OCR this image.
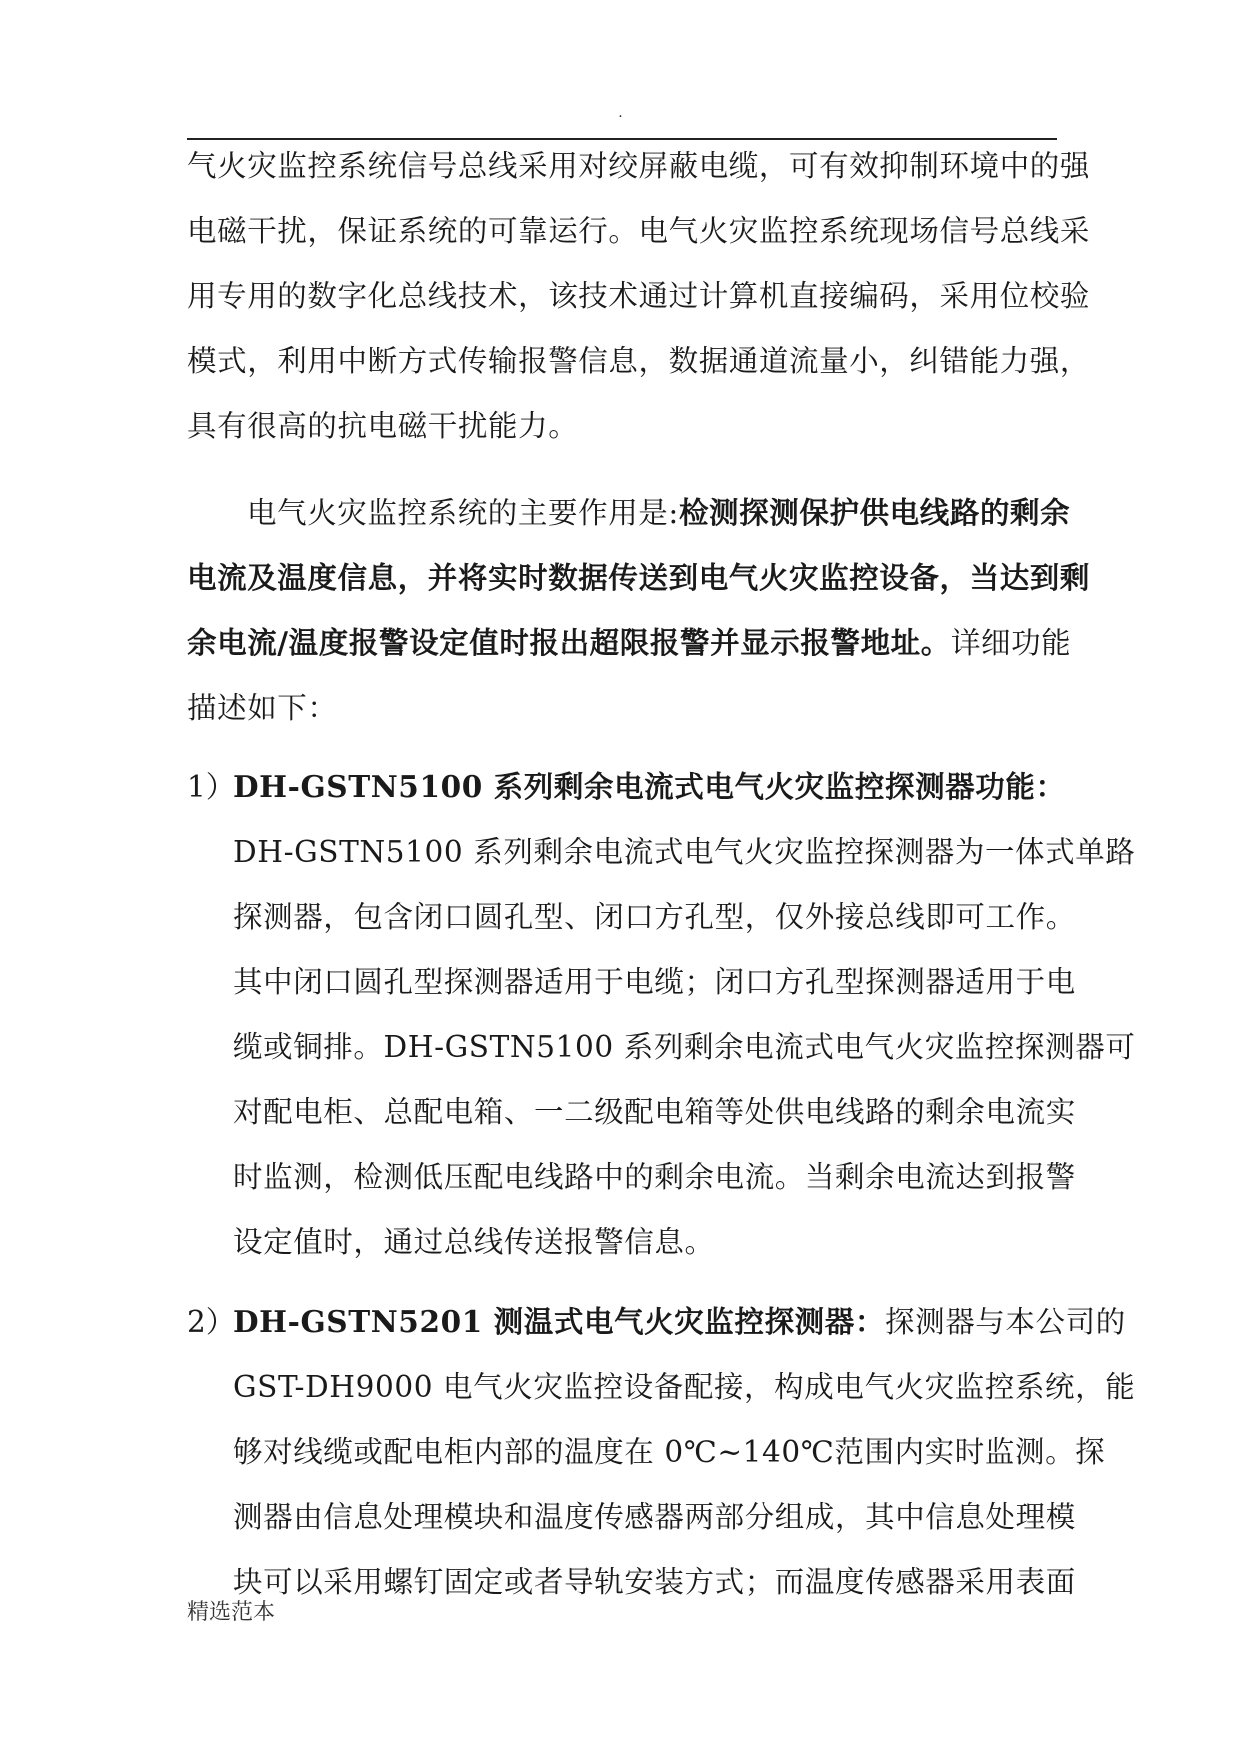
.
气火灾监控系统信号总线采用对绞屏蔽电缆，可有效抑制环境中的强
电磁干扰，保证系统的可靠运行。电气火灾监控系统现场信号总线采
用专用的数字化总线技术，该技术通过计算机直接编码，采用位校验
模式，利用中断方式传输报警信息，数据通道流量小，纠错能力强，
具有很高的抗电磁干扰能力。
电气火灾监控系统的主要作用是:检测探测保护供电线路的剩余
电流及温度信息，并将实时数据传送到电气火灾监控设备，当达到剩
余电流/温度报警设定值时报出超限报警并显示报警地址。详细功能
描述如下：
1）
DH-GSTN5100 系列剩余电流式电气火灾监控探测器功能：
DH-GSTN5100 系列剩余电流式电气火灾监控探测器为一体式单路
探测器，包含闭口圆孔型、闭口方孔型，仅外接总线即可工作。
其中闭口圆孔型探测器适用于电缆；闭口方孔型探测器适用于电
缆或铜排。DH-GSTN5100 系列剩余电流式电气火灾监控探测器可
对配电柜、总配电箱、一二级配电箱等处供电线路的剩余电流实
时监测，检测低压配电线路中的剩余电流。当剩余电流达到报警
设定值时，通过总线传送报警信息。
2）
DH-GSTN5201 测温式电气火灾监控探测器：探测器与本公司的
GST-DH9000 电气火灾监控设备配接，构成电气火灾监控系统，能
够对线缆或配电柜内部的温度在 0℃~140℃范围内实时监测。探
测器由信息处理模块和温度传感器两部分组成，其中信息处理模
块可以采用螺钉固定或者导轨安装方式；而温度传感器采用表面
精选范本
